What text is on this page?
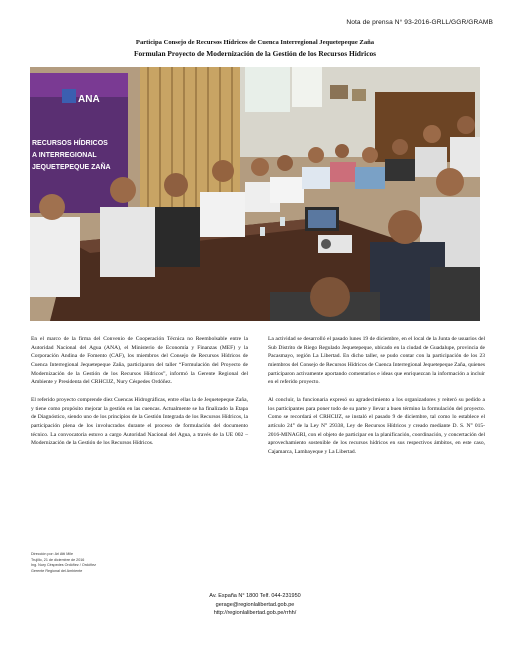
Nota de prensa N° 93-2016-GRLL/GGR/GRAMB
Participa Consejo de Recursos Hídricos de Cuenca Interregional Jequetepeque Zaña
Formulan Proyecto de Modernización de la Gestión de los Recursos Hídricos
ANA
RECURSOS HÍDRICOS
A INTERREGIONAL
JEQUETEPEQUE ZAÑA

En el marco de la firma del Convenio de Cooperación Técnica no Reembolsable entre la Autoridad Nacional del Agua (ANA), el Ministerio de Economía y Finanzas (MEF) y la Corporación Andina de Fomento (CAF), los miembros del Consejo de Recursos Hídricos de Cuenca Interregional Jequetepeque Zaña, participaron del taller “Formulación del Proyecto de Modernización de la Gestión de los Recursos Hídricos”, informó la Gerente Regional del Ambiente y Presidenta del CRHCIJZ, Nury Céspedes Ordóñez.

El referido proyecto comprende diez Cuencas Hidrográficas, entre ellas la de Jequetepeque Zaña, y tiene como propósito mejorar la gestión en las cuencas. Actualmente se ha finalizado la Etapa de Diagnóstico, siendo uno de los principios de la Gestión Integrada de los Recursos Hídricos, la participación plena de los involucrados durante el proceso de formulación del documento técnico. La convocatoria estuvo a cargo Autoridad Nacional del Agua, a través de la UE 002 – Modernización de la Gestión de los Recursos Hídricos.

La actividad se desarrolló el pasado lunes 19 de diciembre, en el local de la Junta de usuarios del Sub Distrito de Riego Regulado Jequetepeque, ubicado en la ciudad de Guadalupe, provincia de Pacasmayo, región La Libertad. En dicho taller, se pudo contar con la participación de los 23 miembros del Consejo de Recursos Hídricos de Cuenca Interregional Jequetepeque Zaña, quienes participaron activamente aportando comentarios e ideas que enriquezcan la información a incluir en el referido proyecto.

Al concluir, la funcionaria expresó su agradecimiento a los organizadores y reiteró su pedido a los participantes para poner todo de su parte y llevar a buen término la formulación del proyecto. Como se recordará el CRHCIJZ, se instaló el pasado 9 de diciembre, tal como lo establece el artículo 24° de la Ley N° 29338, Ley de Recursos Hídricos y creado mediante D. S. N° 015-2016-MINAGRI, con el objeto de participar en la planificación, coordinación, y concertación del aprovechamiento sostenible de los recursos hídricos en sus respectivos ámbitos, en este caso, Cajamarca, Lambayeque y La Libertad.

Dirección por: Ari Atti Mile
Trujillo, 21 de diciembre de 2016
Ing. Nury Céspedes Ordóñez / Ordóñez
Gerente Regional del Ambiente
Av. España N° 1800 Telf. 044-231950
gerage@regionlalibertad.gob.pe
http://regionlalibertad.gob.pe/rrhh/
